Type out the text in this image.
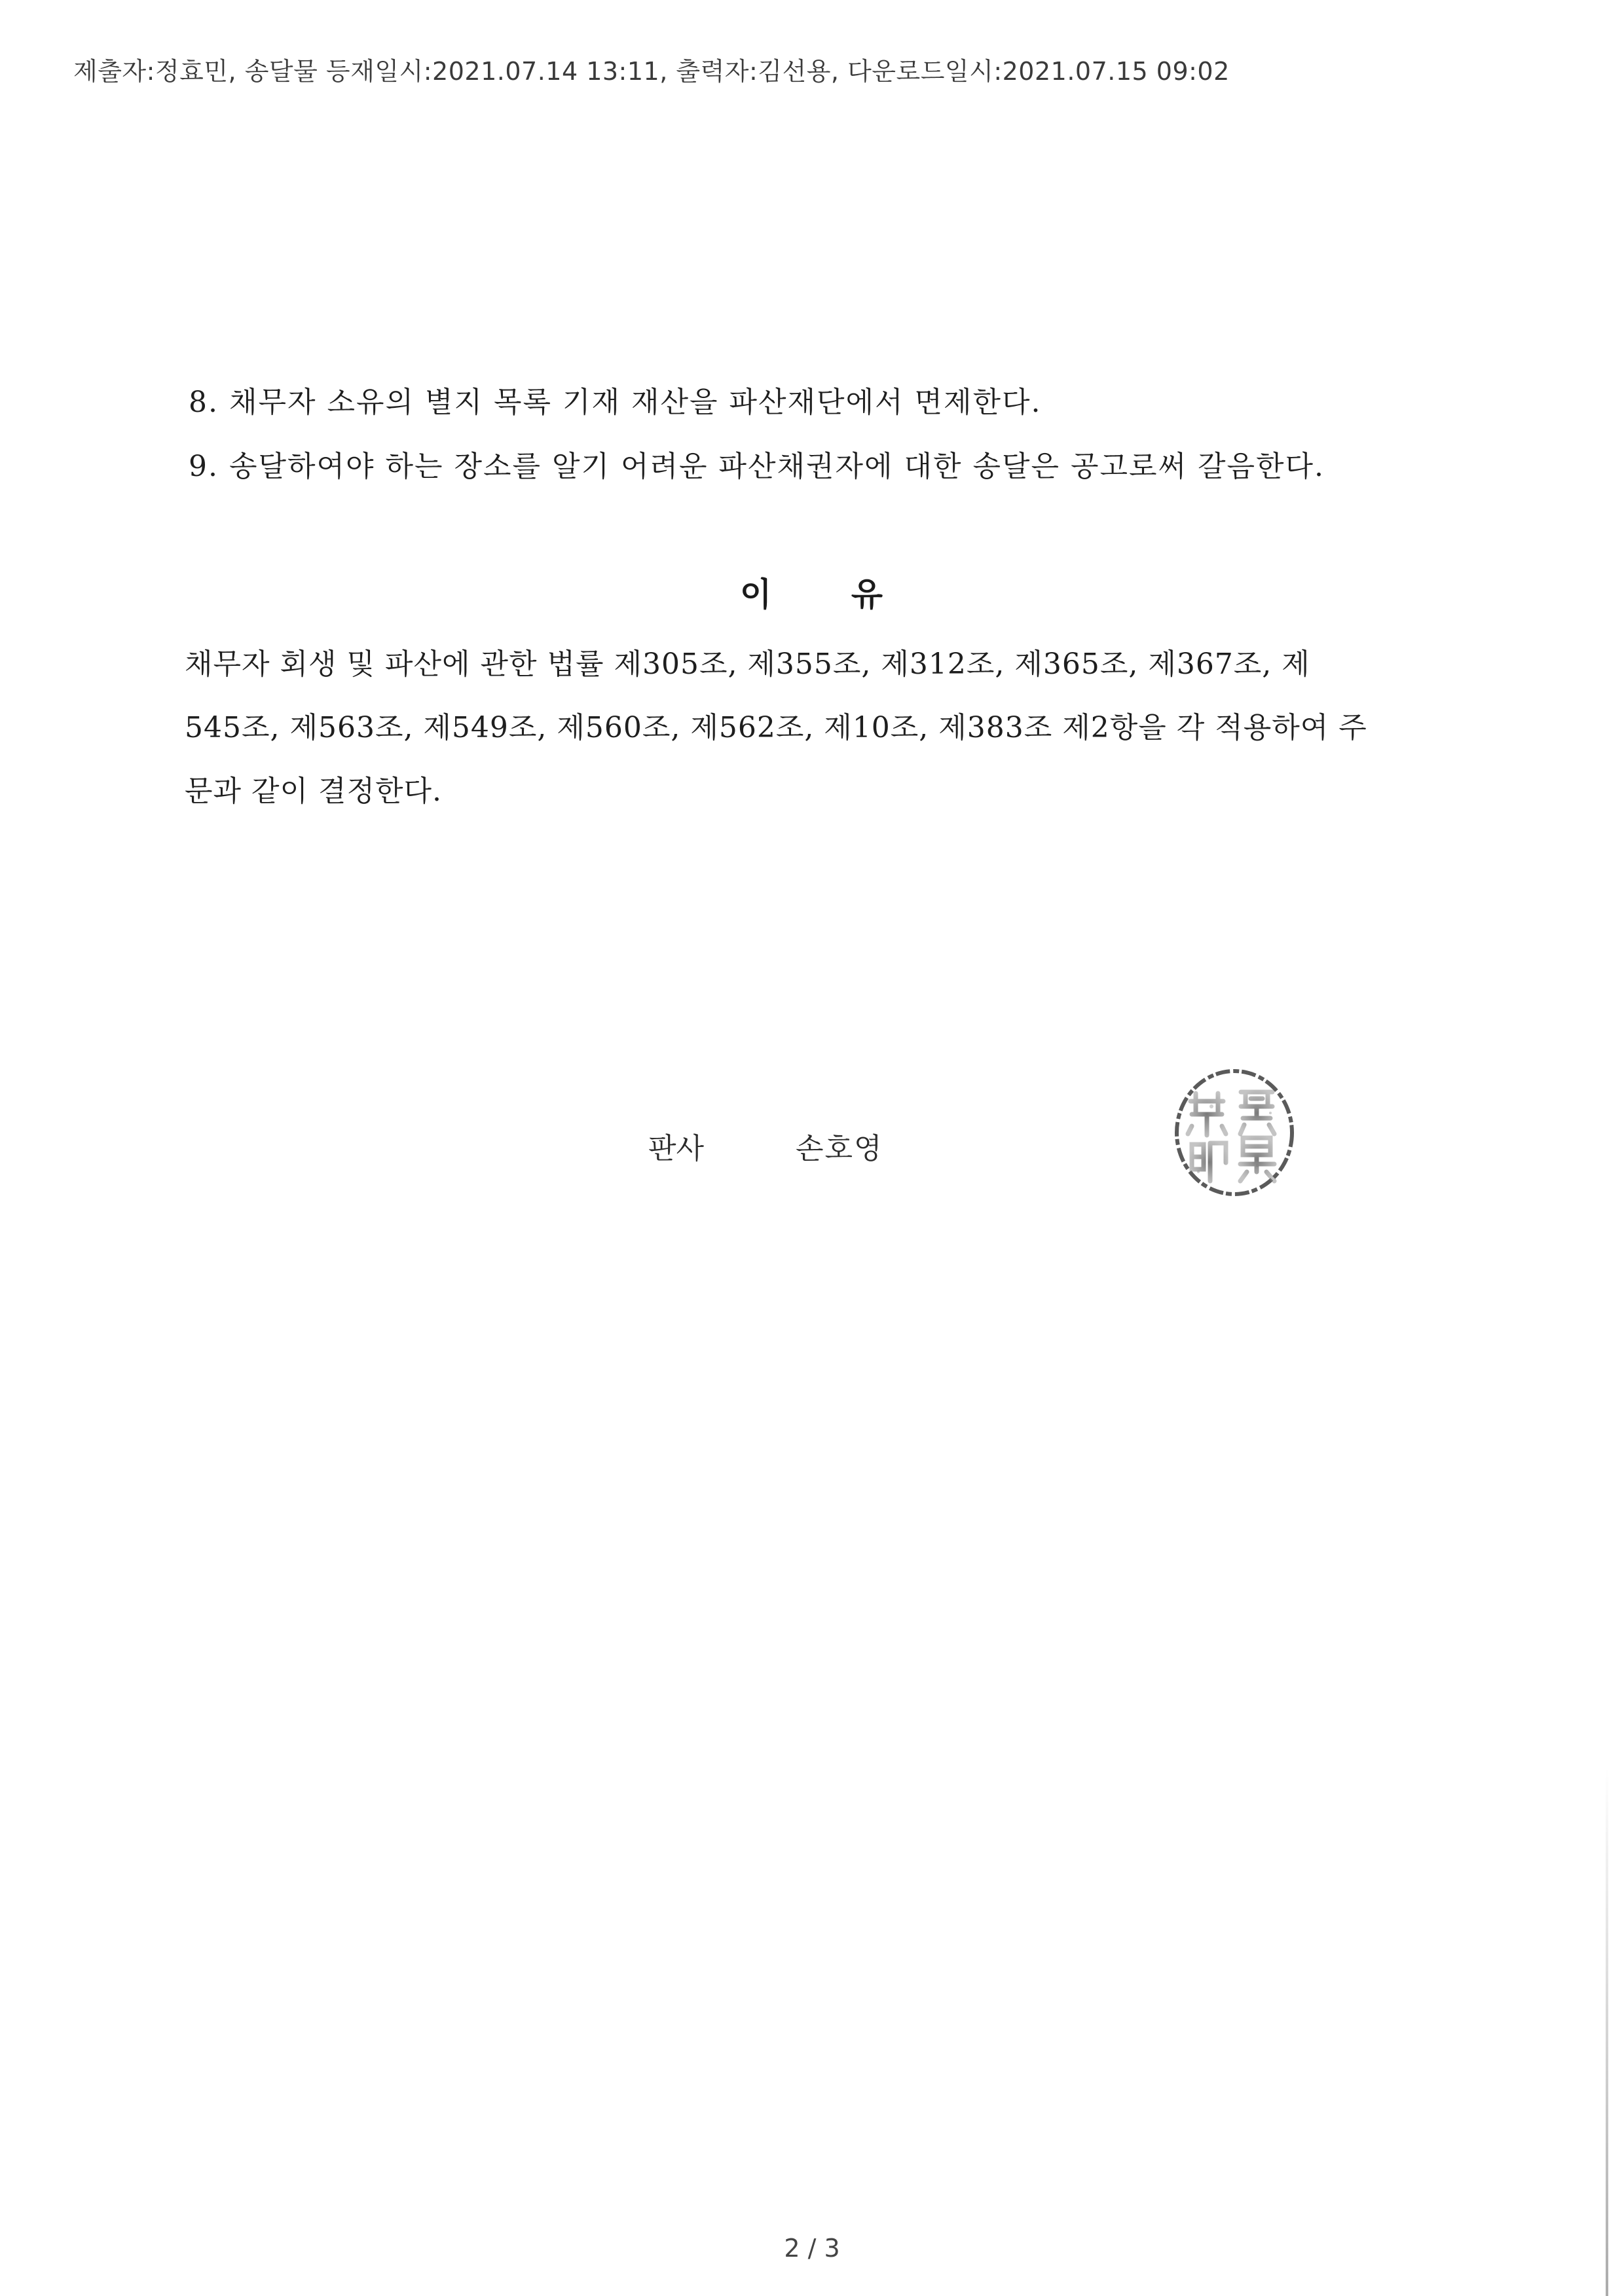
제출자:정효민, 송달물 등재일시:2021.07.14 13:11, 출력자:김선용, 다운로드일시:2021.07.15 09:02
8. 채무자 소유의 별지 목록 기재 재산을 파산재단에서 면제한다.
9. 송달하여야 하는 장소를 알기 어려운 파산채권자에 대한 송달은 공고로써 갈음한다.
이 유
채무자 회생 및 파산에 관한 법률 제305조, 제355조, 제312조, 제365조, 제367조, 제
545조, 제563조, 제549조, 제560조, 제562조, 제10조, 제383조 제2항을 각 적용하여 주
문과 같이 결정한다.
판사	손호영
2 / 3
